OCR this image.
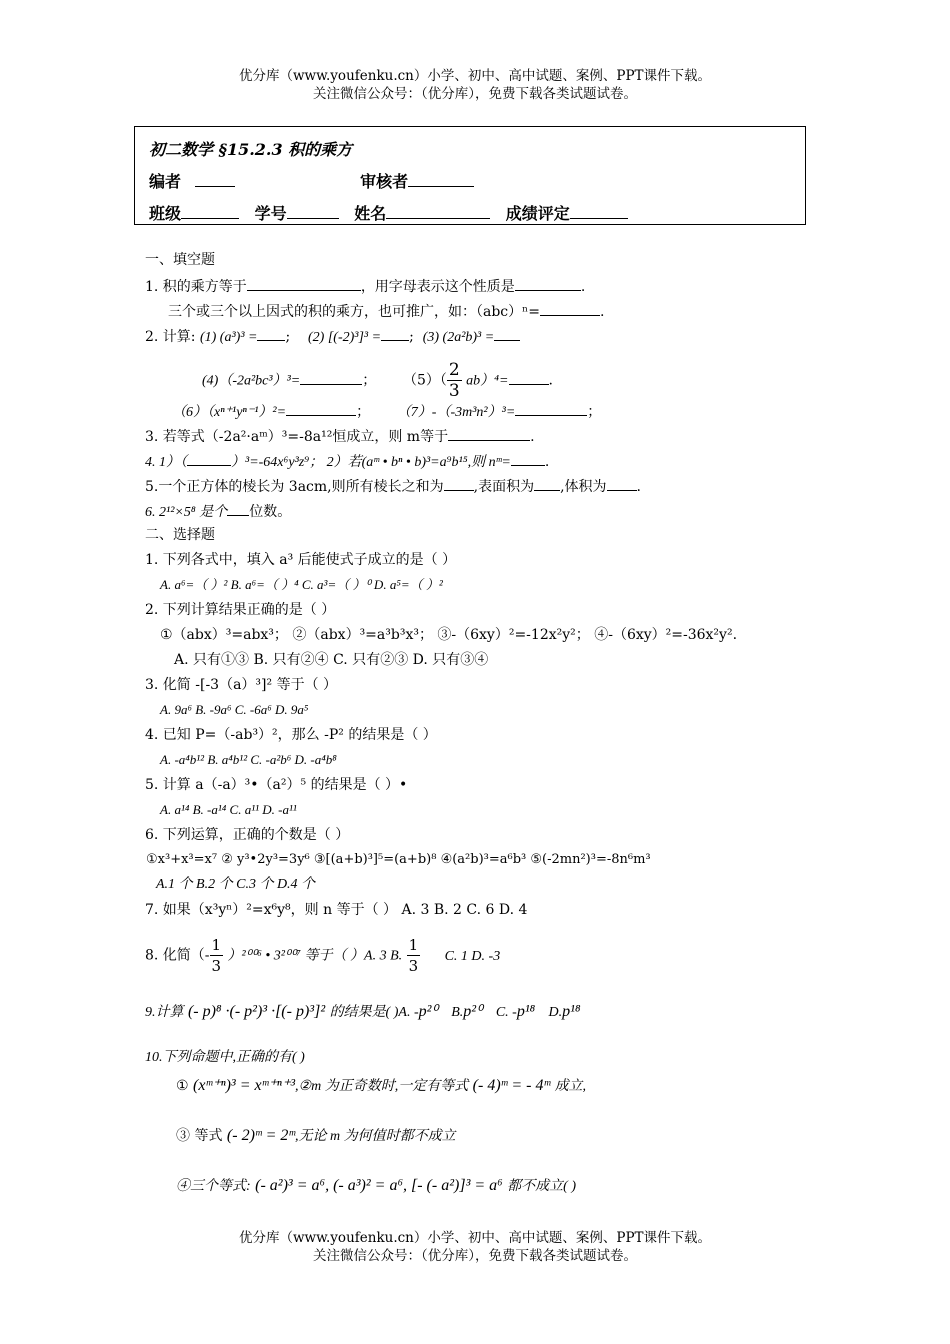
优分库（www.youfenku.cn）小学、初中、高中试题、案例、PPT课件下载。
关注微信公众号：（优分库），免费下载各类试题试卷。
初二数学 §15.2.3 积的乘方
编者	审核者
班级	学号	姓名	成绩评定
一、填空题
1. 积的乘方等于	，用字母表示这个性质是	.
三个或三个以上因式的积的乘方，也可推广，如：（abc）ⁿ=	.
2. 计算: (1) (a³)³ = ;    (2) [(-2)³]³ = ;  (3) (2a²b)³ =
(4)（-2a²bc³）³=	；      $(5)( \frac{2}{3} ab)^4=$	.
（6）（xⁿ⁺¹yⁿ⁻¹）²=	；      （7）-（-3m³n²）³=	；
3. 若等式（-2a²·aᵐ）³=-8a¹²恒成立，则 m等于	.
4. 1）（	）³=-64x⁶y³z⁹； 2）若(aᵐ • bⁿ • b)³=a⁹b¹⁵,则 nᵐ= .
5.一个正方体的棱长为 3acm,则所有棱长之和为 ,表面积为 ,体积为 .
6. 2¹²×5⁸ 是个 位数。
二、选择题
1. 下列各式中，填入 a³ 后能使式子成立的是（ ）
A. a⁶=（ ）² B. a⁶=（ ）⁴ C. a³=（ ）⁰ D. a⁵=（ ）²
2. 下列计算结果正确的是（ ）
①（abx）³=abx³； ②（abx）³=a³b³x³； ③-（6xy）²=-12x²y²； ④-（6xy）²=-36x²y².
A. 只有①③ B. 只有②④ C. 只有②③ D. 只有③④
3. 化简 -[-3（a）³]² 等于（ ）
A. 9a⁶ B. -9a⁶ C. -6a⁶ D. 9a⁵
4. 已知 P=（-ab³）²，那么 -P² 的结果是（ ）
A. -a⁴b¹² B. a⁴b¹² C. -a²b⁶ D. -a⁴b⁸
5. 计算 a（-a）³•（a²）⁵ 的结果是（ ）•
A. a¹⁴ B. -a¹⁴ C. a¹¹ D. -a¹¹
6. 下列运算，正确的个数是（ ）
①x³+x³=x⁷ ② y³•2y³=3y⁶ ③[(a+b)³]⁵=(a+b)⁸ ④(a²b)³=a⁶b³ ⑤(-2mn²)³=-8n⁶m³
A.1 个 B.2 个 C.3 个 D.4 个
7. 如果（x³yⁿ）²=x⁶y⁸，则 n 等于（ ） A. 3 B. 2 C. 6 D. 4
8. 化简（- $\frac{1}{3} )^{2006}$ • 3²⁰⁰⁷ 等于（ ）A. 3 B. $\frac{1}{3} C$. 1 D. -3
9.计算 (- p)⁸ ·(- p²)³ ·[(- p)³]² 的结果是( )A. -p²⁰ B.p²⁰ C. -p¹⁸ D.p¹⁸
10.下列命题中,正确的有( )
① (xᵐ⁺ⁿ)³ = xᵐ⁺ⁿ⁺³,②m 为正奇数时,一定有等式 (- 4)ᵐ = - 4ᵐ 成立,
③ 等式 (- 2)ᵐ = 2ᵐ,无论 m 为何值时都不成立
④三个等式: (- a²)³ = a⁶, (- a³)² = a⁶, [- (- a²)]³ = a⁶ 都不成立( )
优分库（www.youfenku.cn）小学、初中、高中试题、案例、PPT课件下载。
关注微信公众号：（优分库），免费下载各类试题试卷。
